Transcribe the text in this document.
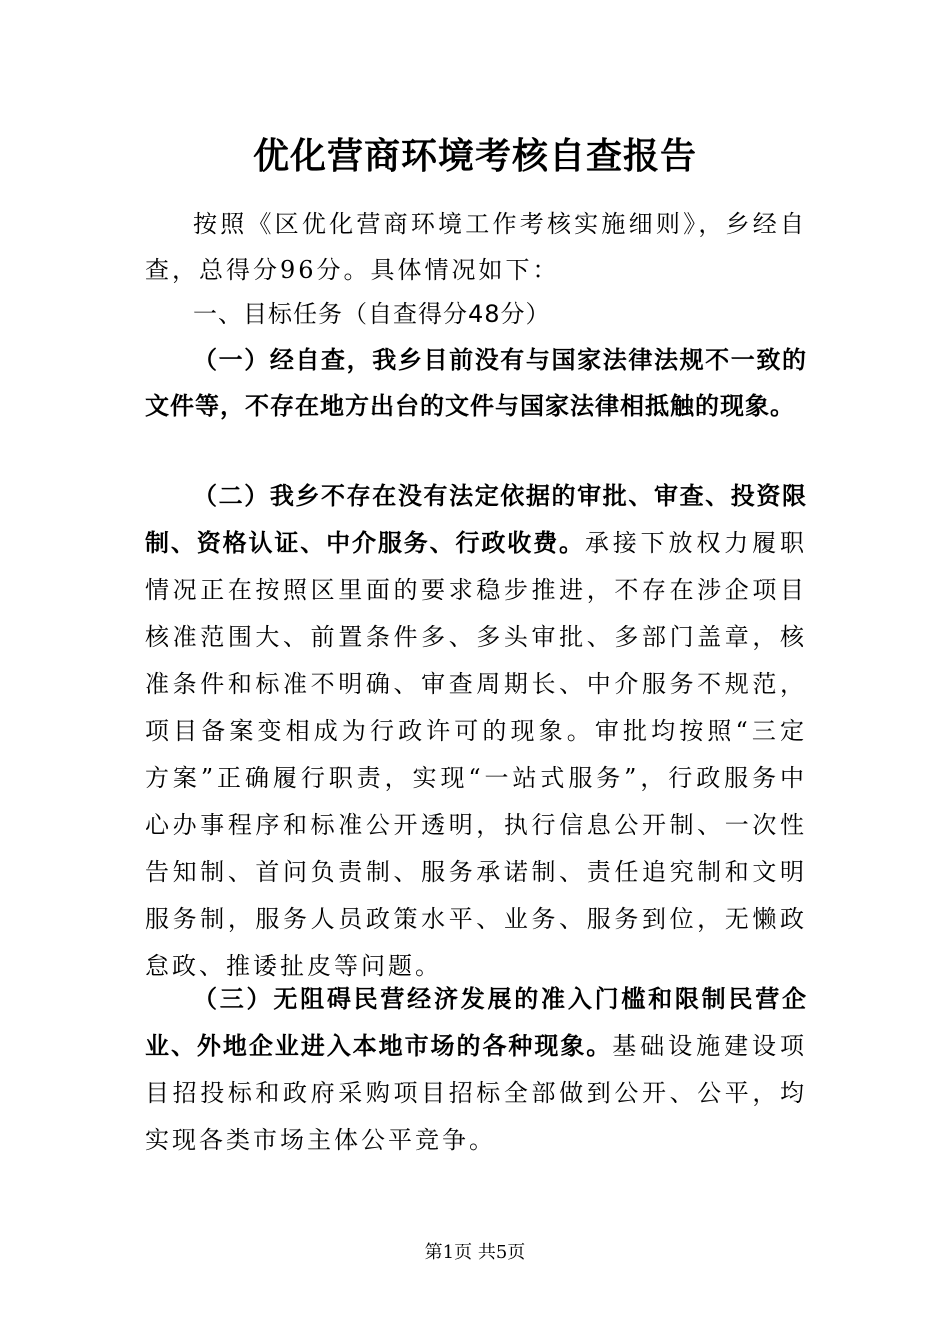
优化营商环境考核自查报告

按照《区优化营商环境工作考核实施细则》，乡经自查，总得分96分。具体情况如下：

一、目标任务（自查得分48分）

（一）经自查，我乡目前没有与国家法律法规不一致的文件等，不存在地方出台的文件与国家法律相抵触的现象。

（二）我乡不存在没有法定依据的审批、审查、投资限制、资格认证、中介服务、行政收费。承接下放权力履职情况正在按照区里面的要求稳步推进，不存在涉企项目核准范围大、前置条件多、多头审批、多部门盖章，核准条件和标准不明确、审查周期长、中介服务不规范，项目备案变相成为行政许可的现象。审批均按照“三定方案”正确履行职责，实现“一站式服务”，行政服务中心办事程序和标准公开透明，执行信息公开制、一次性告知制、首问负责制、服务承诺制、责任追究制和文明服务制，服务人员政策水平、业务、服务到位，无懒政怠政、推诿扯皮等问题。

（三）无阻碍民营经济发展的准入门槛和限制民营企业、外地企业进入本地市场的各种现象。基础设施建设项目招投标和政府采购项目招标全部做到公开、公平，均实现各类市场主体公平竞争。

第1页 共5页
